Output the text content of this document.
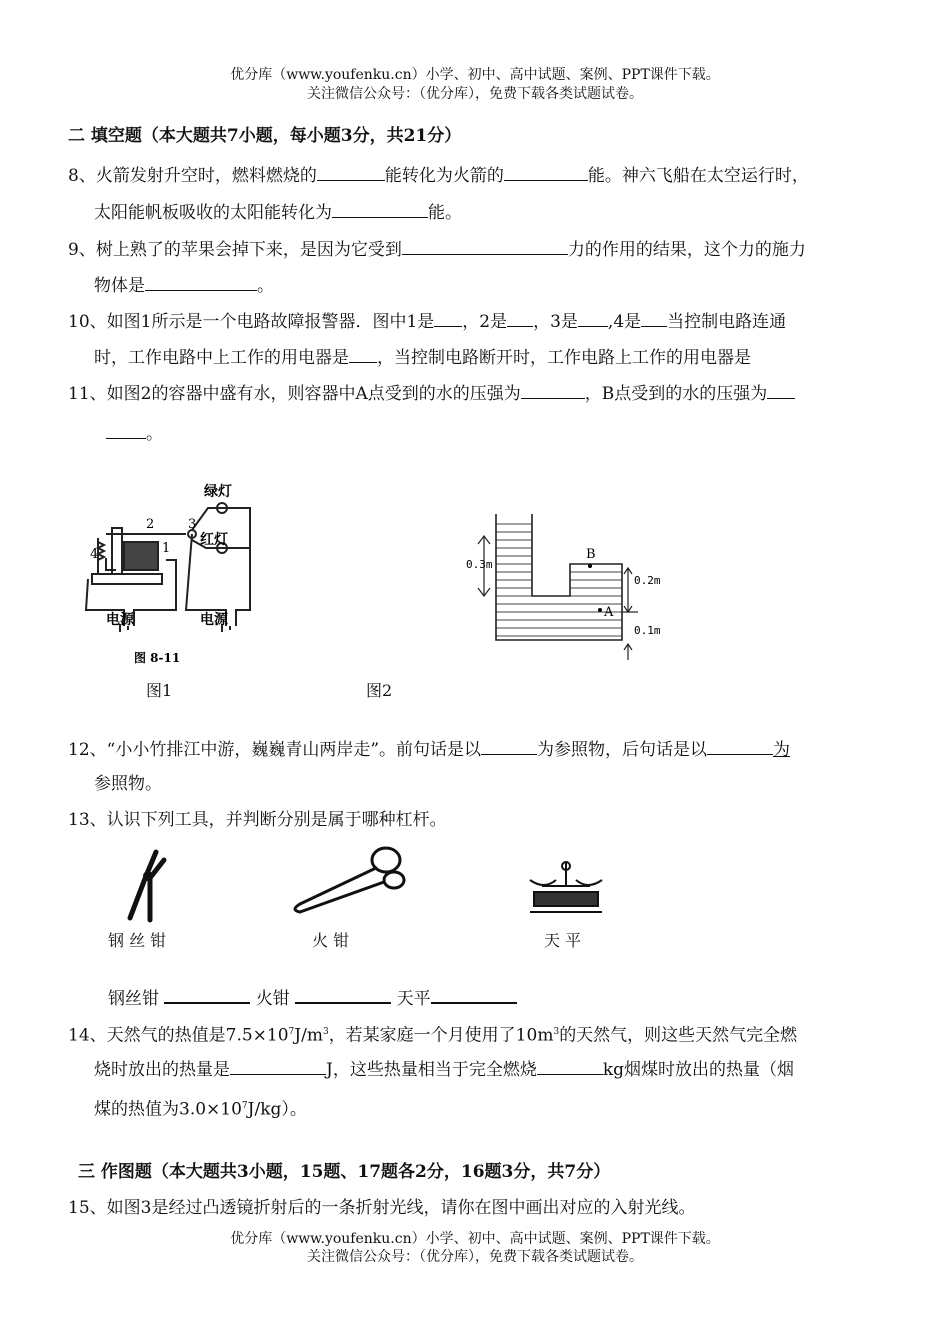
优分库（www.youfenku.cn）小学、初中、高中试题、案例、PPT课件下载。
关注微信公众号：（优分库），免费下载各类试题试卷。
二 填空题（本大题共7小题，每小题3分，共21分）
8、火箭发射升空时，燃料燃烧的	能转化为火箭的	能。神六飞船在太空运行时，
太阳能帆板吸收的太阳能转化为	能。
9、树上熟了的苹果会掉下来，是因为它受到	力的作用的结果，这个力的施力
物体是	。
10、如图1所示是一个电路故障报警器．图中1是 ，2是 ，3是 ,4是 当控制电路连通
时，工作电路中上工作的用电器是 ，当控制电路断开时，工作电路上工作的用电器是
11、如图2的容器中盛有水，则容器中A点受到的水的压强为	，B点受到的水的压强为
。
绿灯
红灯
2	3
4	1
电源	电源
图 8-11
图1
0.3m
0.2m
0.1m
B
A
图2
12、“小小竹排江中游，巍巍青山两岸走”。前句话是以	为参照物，后句话是以	为
参照物。
13、认识下列工具，并判断分别是属于哪种杠杆。
钢 丝 钳	火 钳	天 平
钢丝钳	火钳	天平
14、天然气的热值是$7.5\times 10^7J/m^3$，若某家庭一个月使用了$10m^3$的天然气，则这些天然气完全燃
烧时放出的热量是	J，这些热量相当于完全燃烧	kg烟煤时放出的热量（烟
煤的热值为$3.0\times 10^7J/kg$）。
三 作图题（本大题共3小题，15题、17题各2分，16题3分，共7分）
15、如图3是经过凸透镜折射后的一条折射光线，请你在图中画出对应的入射光线。
优分库（www.youfenku.cn）小学、初中、高中试题、案例、PPT课件下载。
关注微信公众号：（优分库），免费下载各类试题试卷。
